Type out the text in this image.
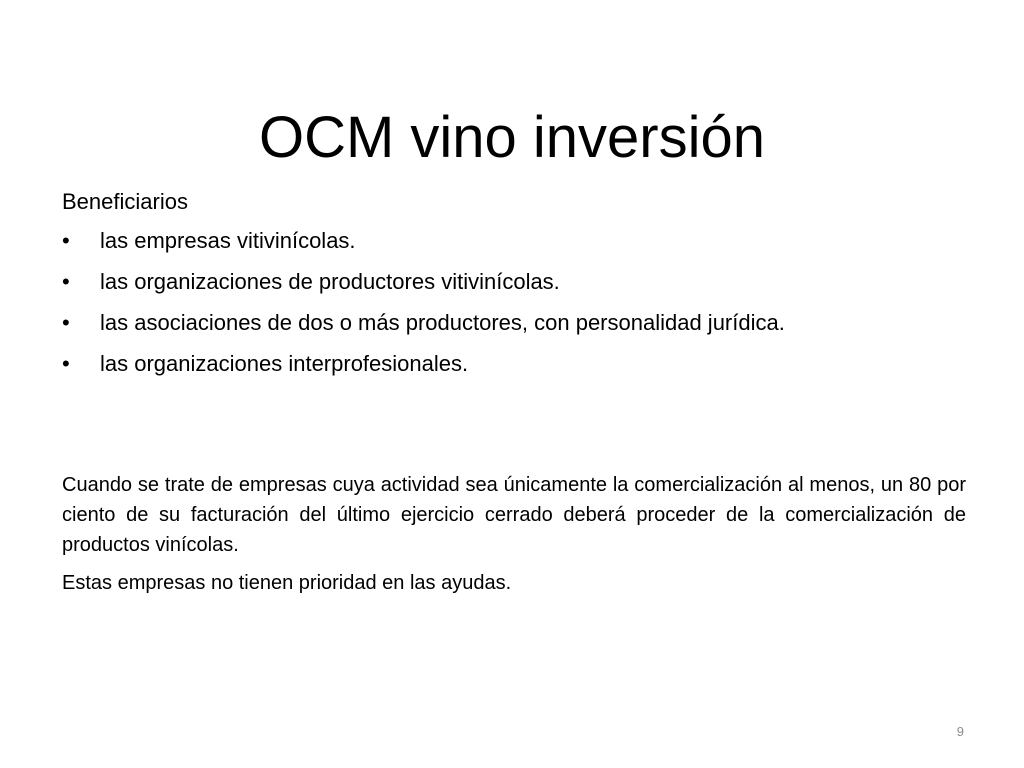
OCM vino inversión
Beneficiarios
•	las empresas vitivinícolas.
•	las organizaciones de productores vitivinícolas.
•	las asociaciones de dos o más productores, con personalidad jurídica.
•	las organizaciones interprofesionales.

Cuando se trate de empresas cuya actividad sea únicamente la comercialización al menos, un 80 por ciento de su facturación del último ejercicio cerrado deberá proceder de la comercialización de productos vinícolas.

Estas empresas no tienen prioridad en las ayudas.

9
